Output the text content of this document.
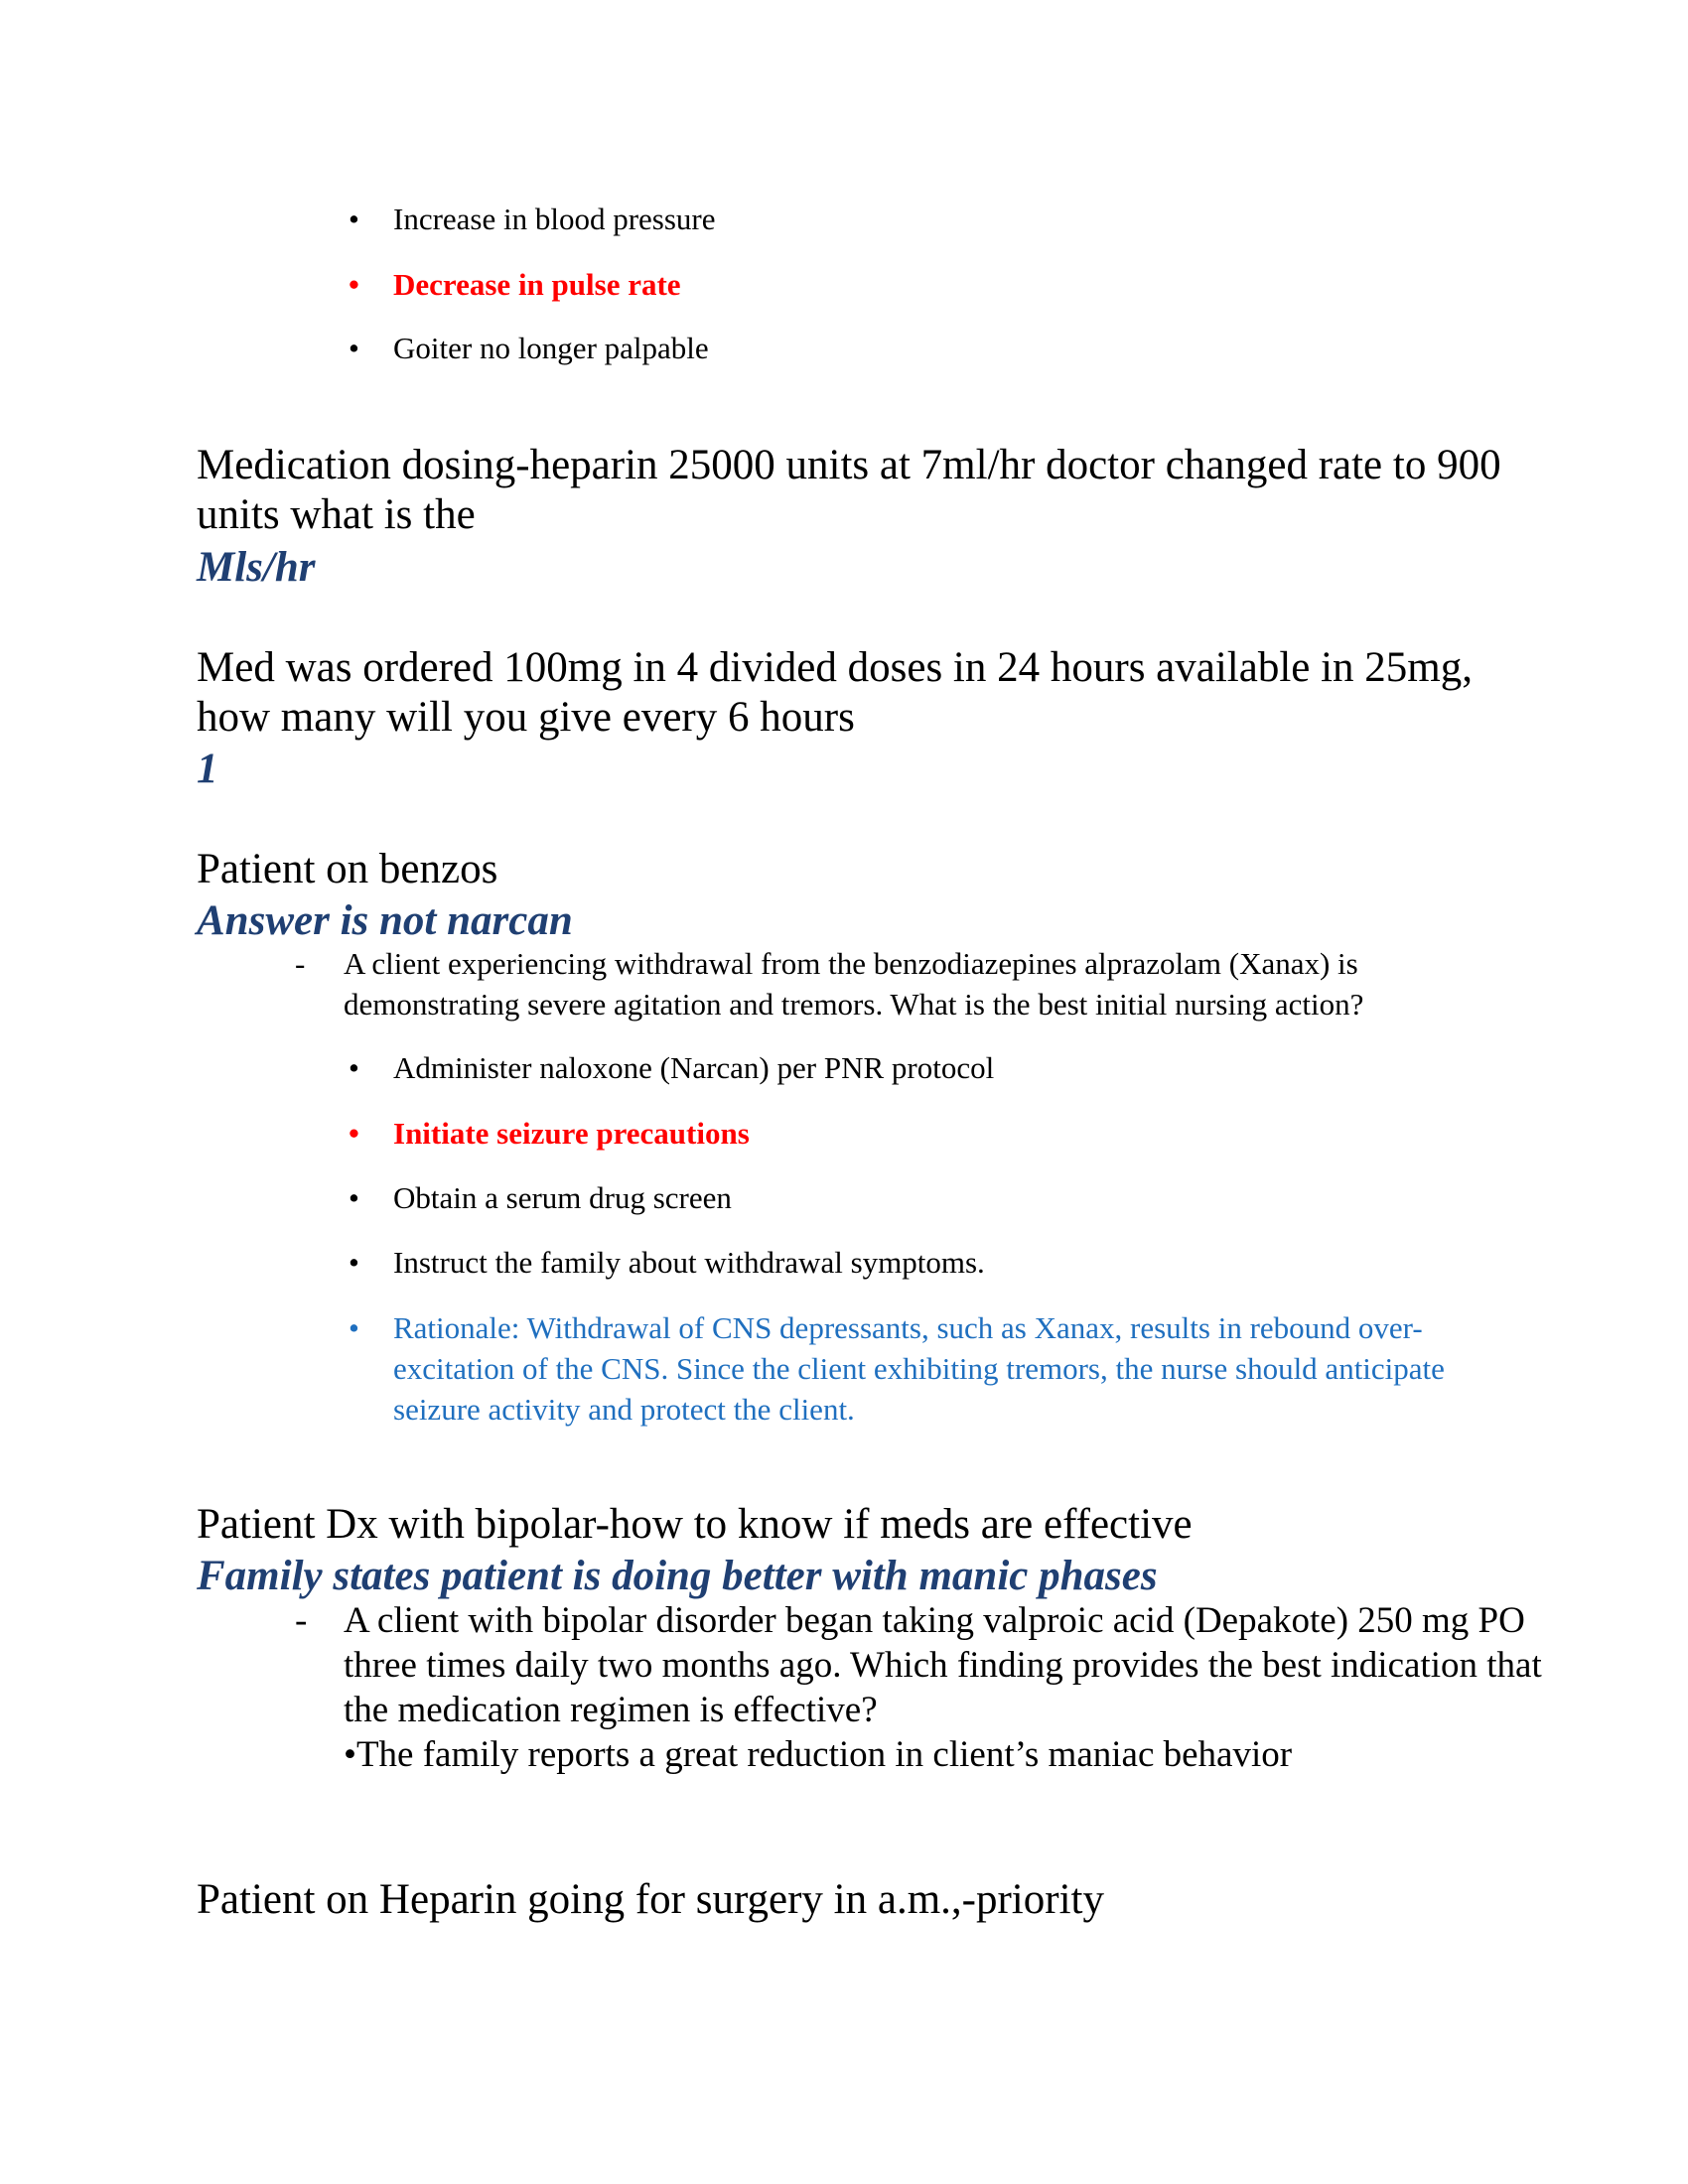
• Increase in blood pressure
• Decrease in pulse rate
• Goiter no longer palpable

Medication dosing-heparin 25000 units at 7ml/hr doctor changed rate to 900 units what is the

Mls/hr

Med was ordered 100mg in 4 divided doses in 24 hours available in 25mg, how many will you give every 6 hours

1

Patient on benzos

Answer is not narcan

- A client experiencing withdrawal from the benzodiazepines alprazolam (Xanax) is demonstrating severe agitation and tremors. What is the best initial nursing action?
• Administer naloxone (Narcan) per PNR protocol
• Initiate seizure precautions
• Obtain a serum drug screen
• Instruct the family about withdrawal symptoms.
• Rationale: Withdrawal of CNS depressants, such as Xanax, results in rebound over-excitation of the CNS. Since the client exhibiting tremors, the nurse should anticipate seizure activity and protect the client.

Patient Dx with bipolar-how to know if meds are effective

Family states patient is doing better with manic phases

- A client with bipolar disorder began taking valproic acid (Depakote) 250 mg PO three times daily two months ago. Which finding provides the best indication that the medication regimen is effective?
•The family reports a great reduction in client’s maniac behavior

Patient on Heparin going for surgery in a.m.,-priority
